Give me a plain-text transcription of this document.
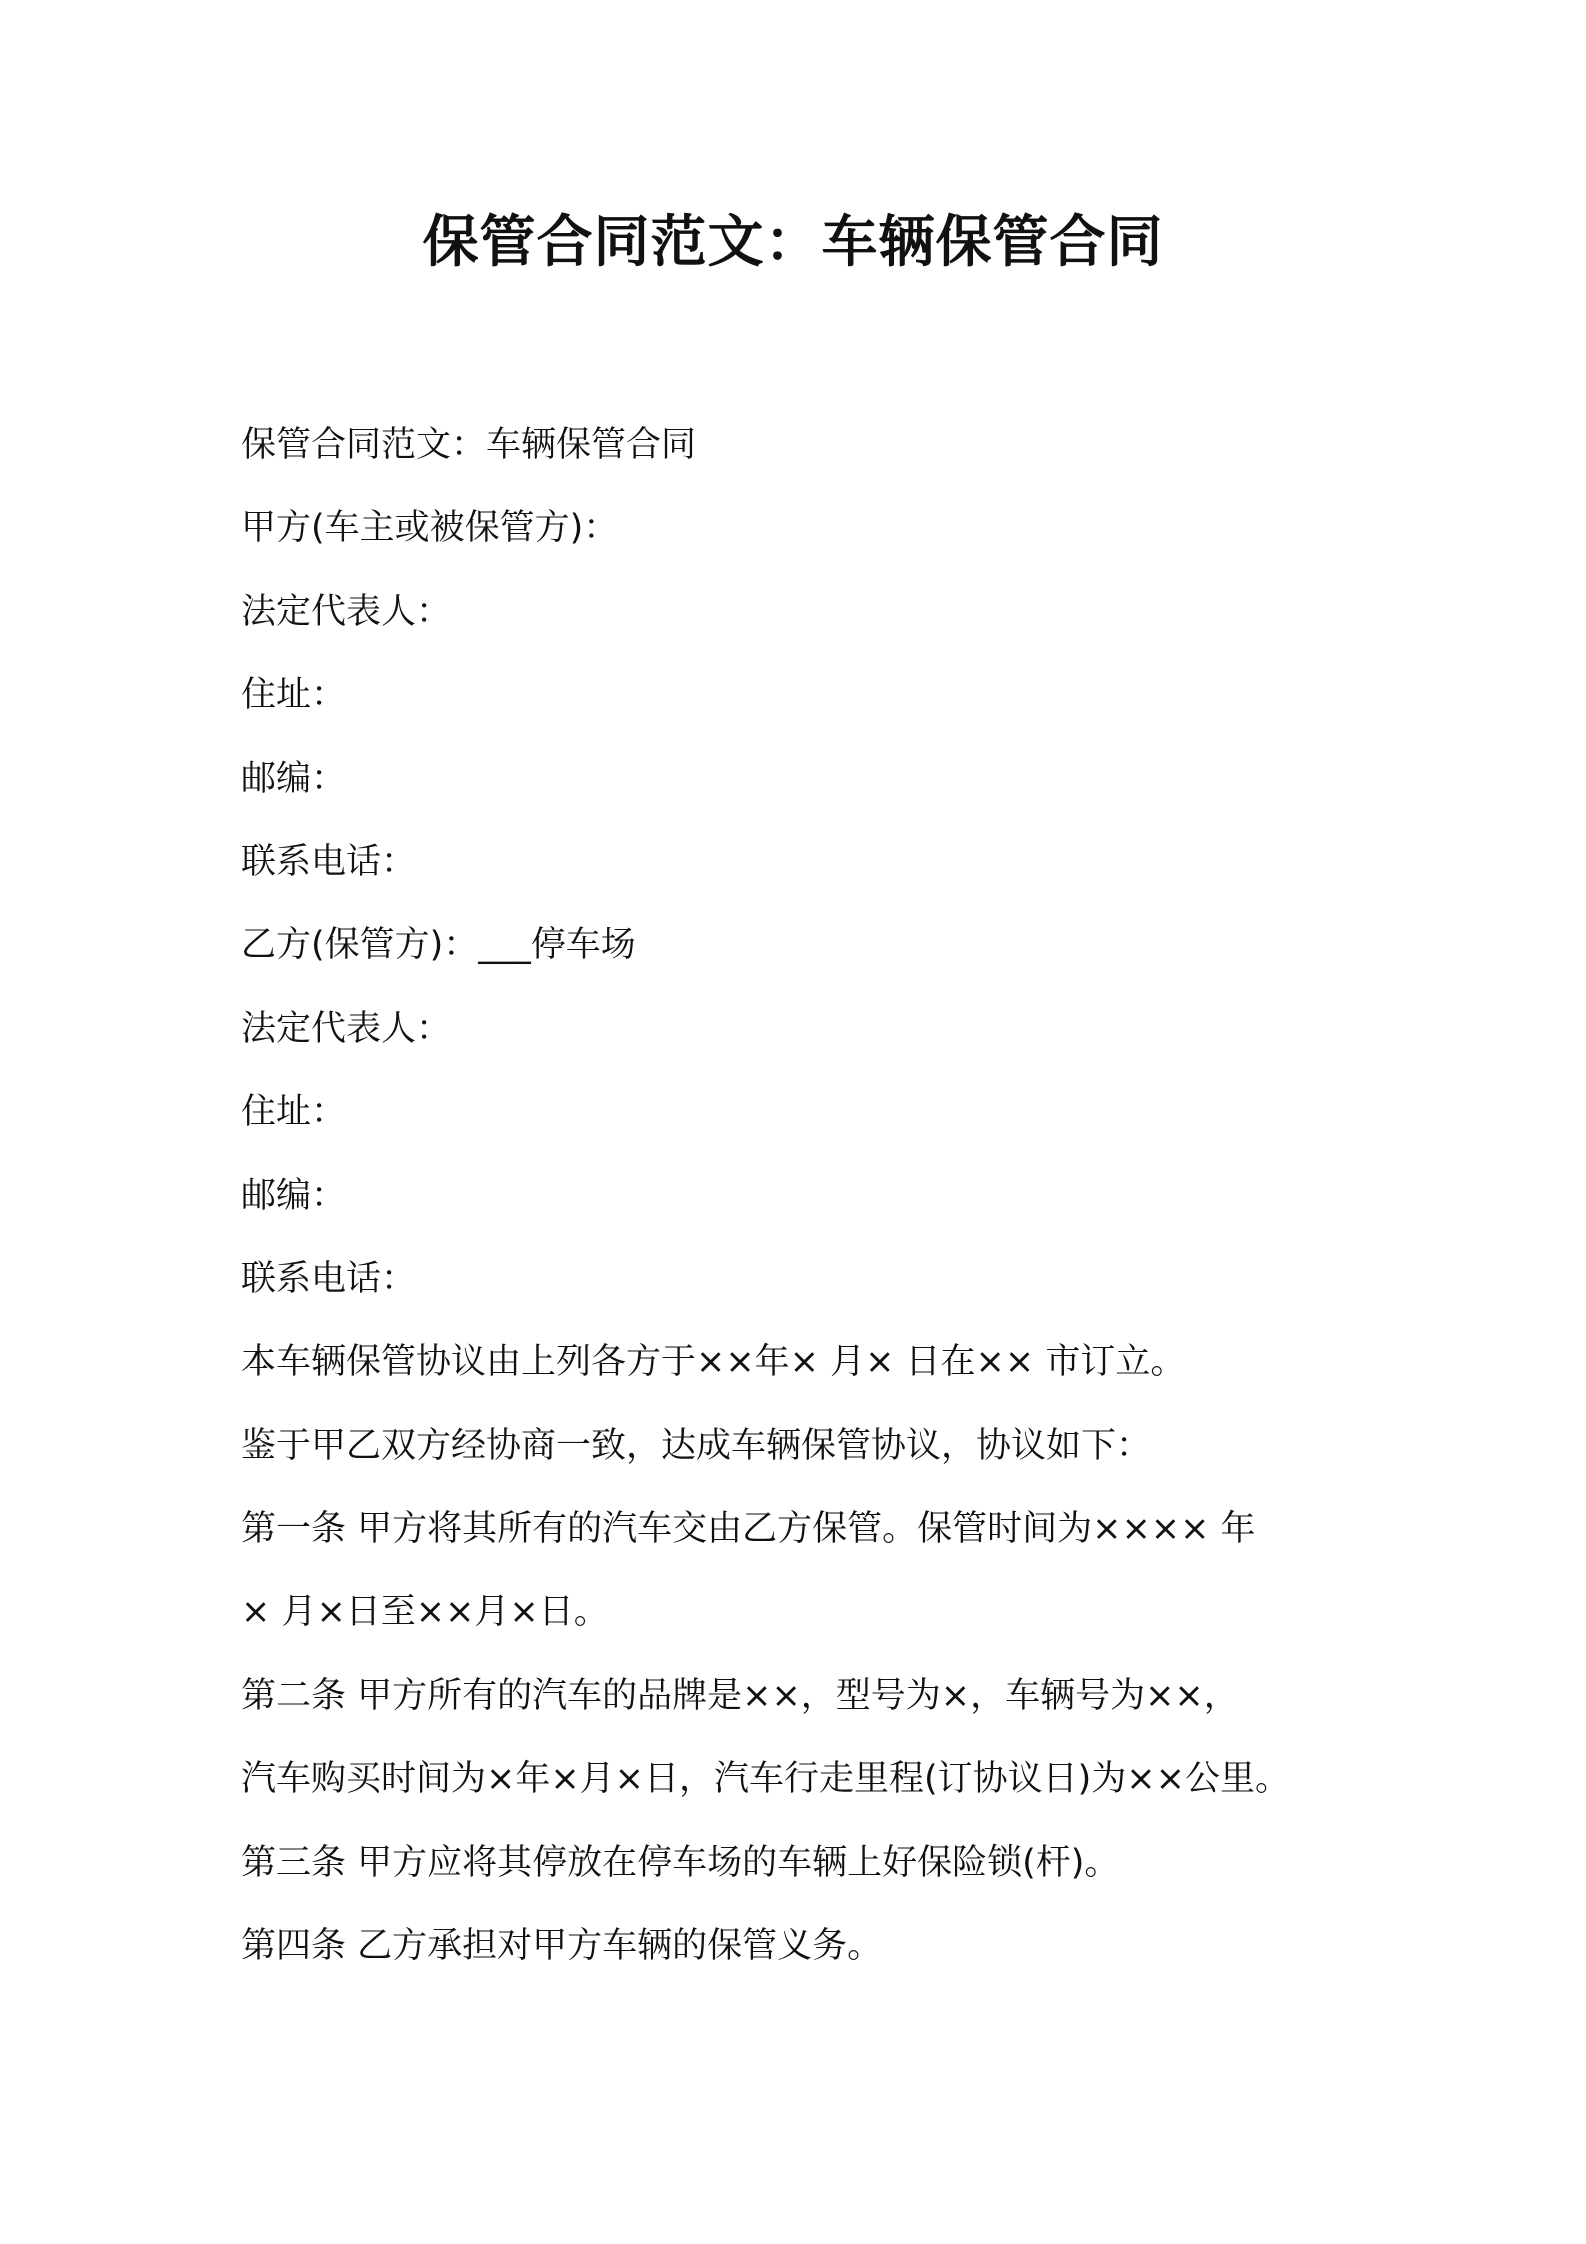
保管合同范文：车辆保管合同

保管合同范文：车辆保管合同

甲方(车主或被保管方)：

法定代表人：

住址：

邮编：

联系电话：

乙方(保管方)：___停车场

法定代表人：

住址：

邮编：

联系电话：

本车辆保管协议由上列各方于××年× 月× 日在×× 市订立。

鉴于甲乙双方经协商一致，达成车辆保管协议，协议如下：

第一条 甲方将其所有的汽车交由乙方保管。保管时间为×××× 年

× 月×日至××月×日。

第二条 甲方所有的汽车的品牌是××，型号为×，车辆号为××，

汽车购买时间为×年×月×日，汽车行走里程(订协议日)为××公里。

第三条 甲方应将其停放在停车场的车辆上好保险锁(杆)。

第四条 乙方承担对甲方车辆的保管义务。
